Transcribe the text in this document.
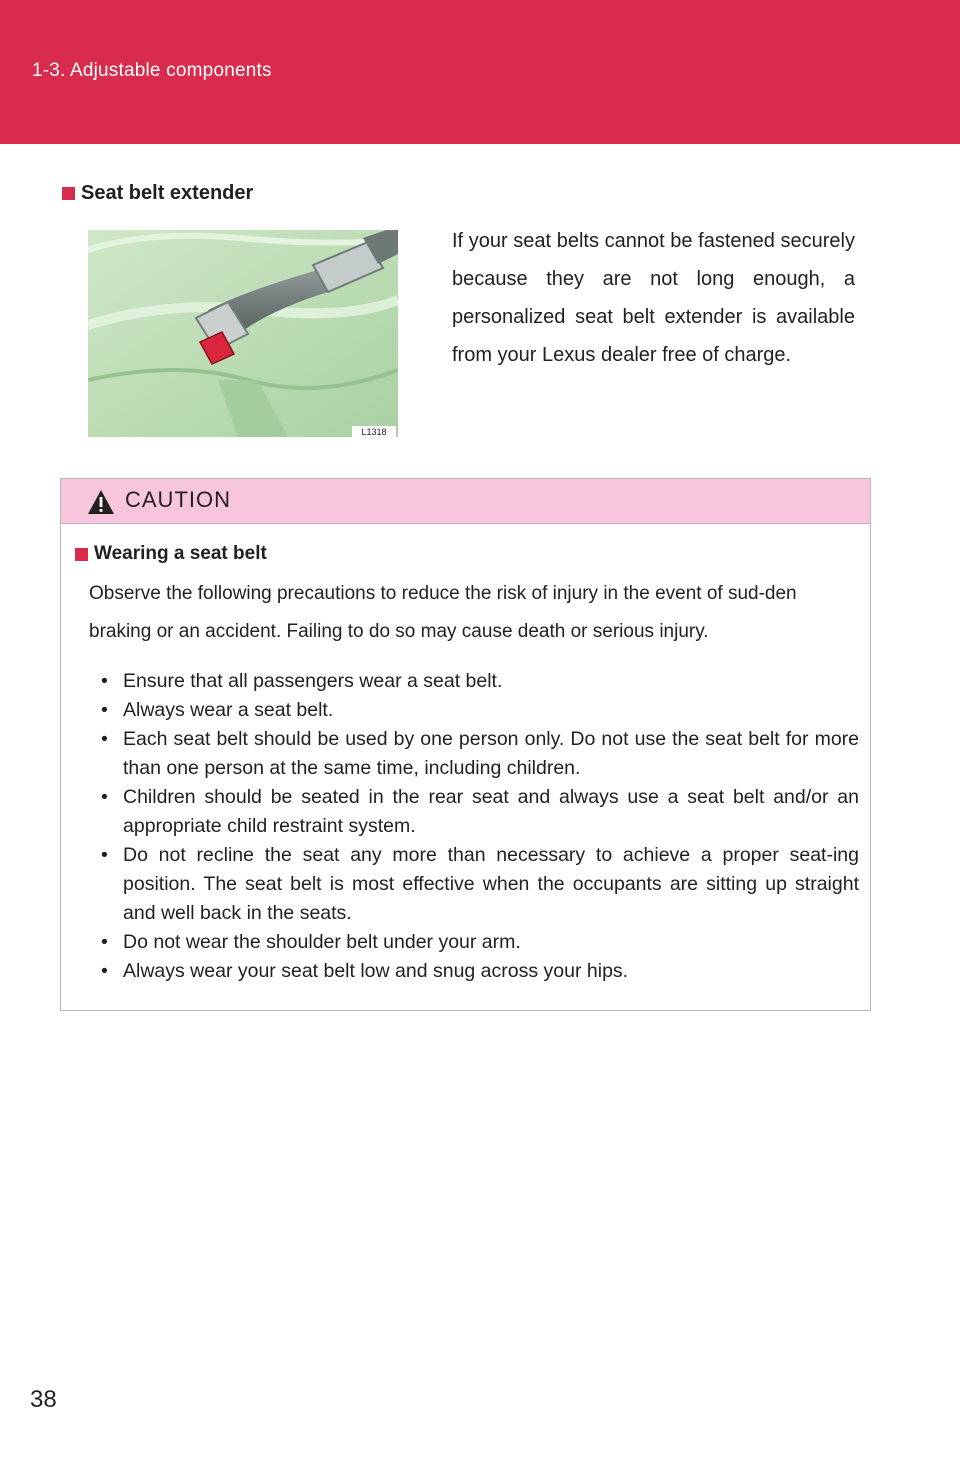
1-3. Adjustable components
Seat belt extender
L1318
If your seat belts cannot be fastened securely because they are not long enough, a personalized seat belt extender is available from your Lexus dealer free of charge.
CAUTION
Wearing a seat belt
Observe the following precautions to reduce the risk of injury in the event of sud-den braking or an accident. Failing to do so may cause death or serious injury.
• Ensure that all passengers wear a seat belt.
• Always wear a seat belt.
• Each seat belt should be used by one person only. Do not use the seat belt for more than one person at the same time, including children.
• Children should be seated in the rear seat and always use a seat belt and/or an appropriate child restraint system.
• Do not recline the seat any more than necessary to achieve a proper seat-ing position. The seat belt is most effective when the occupants are sitting up straight and well back in the seats.
• Do not wear the shoulder belt under your arm.
• Always wear your seat belt low and snug across your hips.
38
